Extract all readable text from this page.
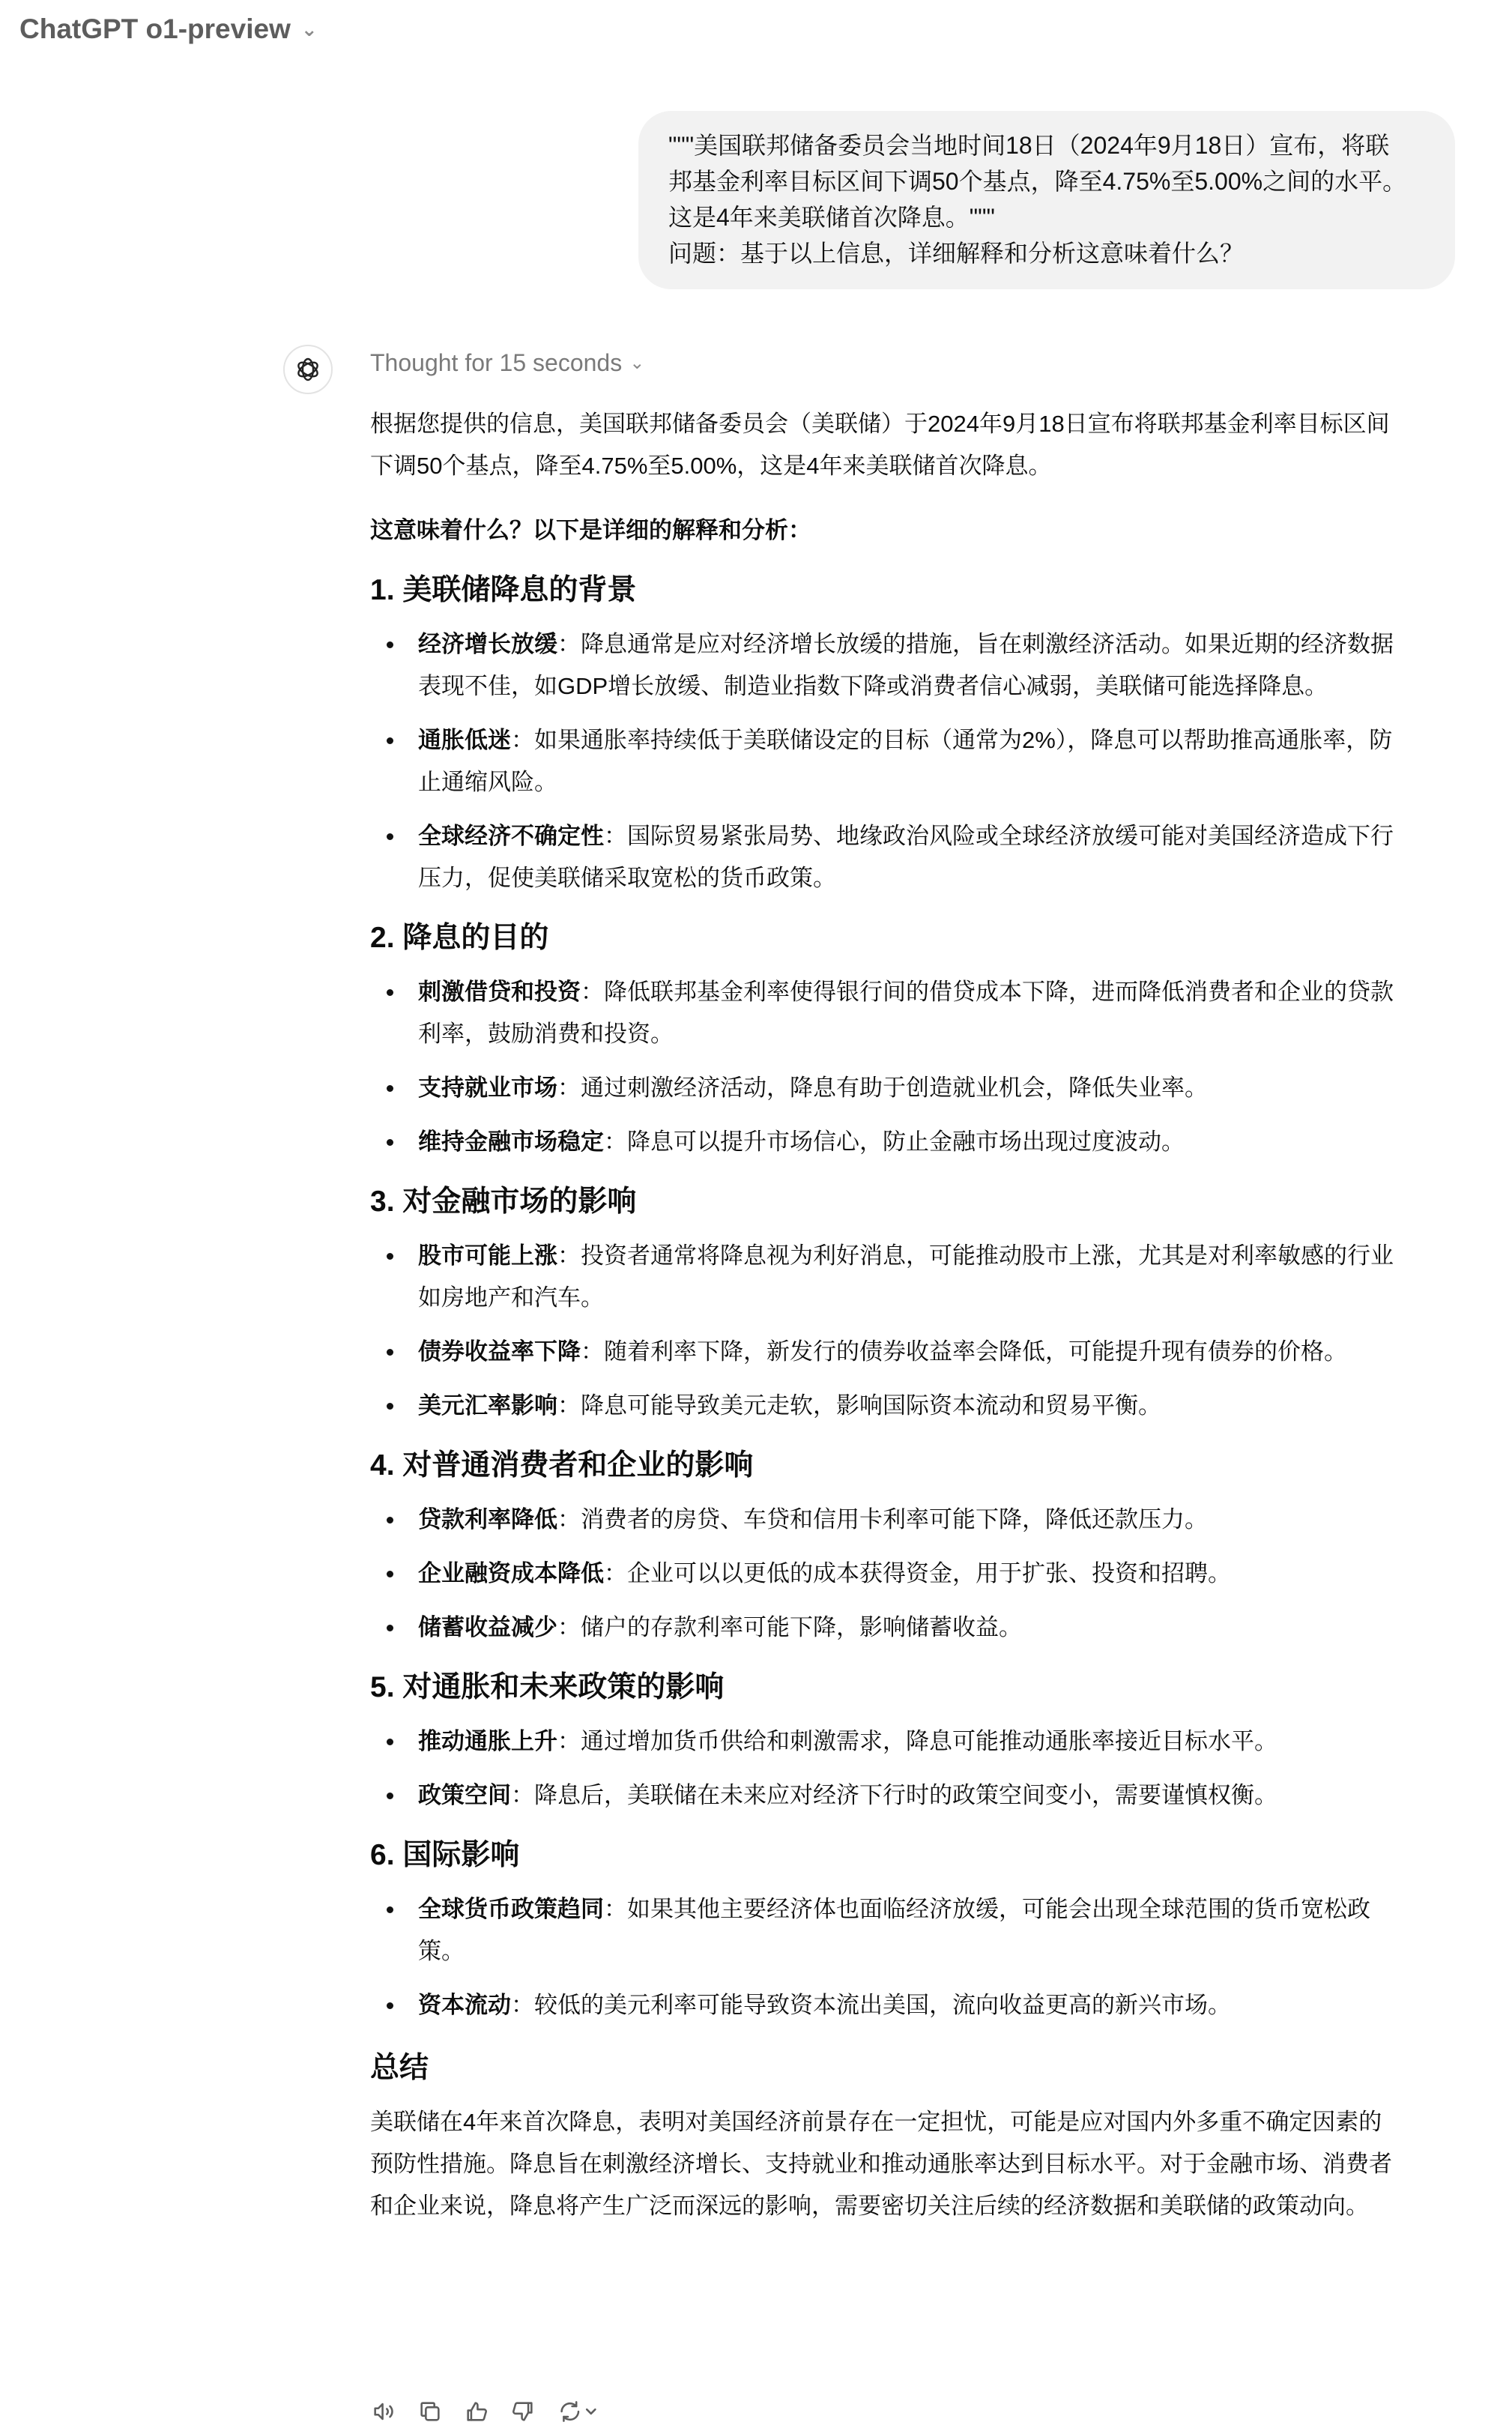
ChatGPT o1-preview ⌄
"""美国联邦储备委员会当地时间18日（2024年9月18日）宣布，将联
邦基金利率目标区间下调50个基点，降至4.75%至5.00%之间的水平。
这是4年来美联储首次降息。"""
问题：基于以上信息，详细解释和分析这意味着什么？
Thought for 15 seconds ⌄

根据您提供的信息，美国联邦储备委员会（美联储）于2024年9月18日宣布将联邦基金利率目标区间
下调50个基点，降至4.75%至5.00%，这是4年来美联储首次降息。

这意味着什么？以下是详细的解释和分析：

1. 美联储降息的背景
经济增长放缓：降息通常是应对经济增长放缓的措施，旨在刺激经济活动。如果近期的经济数据
表现不佳，如GDP增长放缓、制造业指数下降或消费者信心减弱，美联储可能选择降息。
通胀低迷：如果通胀率持续低于美联储设定的目标（通常为2%），降息可以帮助推高通胀率，防
止通缩风险。
全球经济不确定性：国际贸易紧张局势、地缘政治风险或全球经济放缓可能对美国经济造成下行
压力，促使美联储采取宽松的货币政策。
2. 降息的目的
刺激借贷和投资：降低联邦基金利率使得银行间的借贷成本下降，进而降低消费者和企业的贷款
利率，鼓励消费和投资。
支持就业市场：通过刺激经济活动，降息有助于创造就业机会，降低失业率。
维持金融市场稳定：降息可以提升市场信心，防止金融市场出现过度波动。
3. 对金融市场的影响
股市可能上涨：投资者通常将降息视为利好消息，可能推动股市上涨，尤其是对利率敏感的行业
如房地产和汽车。
债券收益率下降：随着利率下降，新发行的债券收益率会降低，可能提升现有债券的价格。
美元汇率影响：降息可能导致美元走软，影响国际资本流动和贸易平衡。
4. 对普通消费者和企业的影响
贷款利率降低：消费者的房贷、车贷和信用卡利率可能下降，降低还款压力。
企业融资成本降低：企业可以以更低的成本获得资金，用于扩张、投资和招聘。
储蓄收益减少：储户的存款利率可能下降，影响储蓄收益。
5. 对通胀和未来政策的影响
推动通胀上升：通过增加货币供给和刺激需求，降息可能推动通胀率接近目标水平。
政策空间：降息后，美联储在未来应对经济下行时的政策空间变小，需要谨慎权衡。
6. 国际影响
全球货币政策趋同：如果其他主要经济体也面临经济放缓，可能会出现全球范围的货币宽松政
策。
资本流动：较低的美元利率可能导致资本流出美国，流向收益更高的新兴市场。
总结

美联储在4年来首次降息，表明对美国经济前景存在一定担忧，可能是应对国内外多重不确定因素的
预防性措施。降息旨在刺激经济增长、支持就业和推动通胀率达到目标水平。对于金融市场、消费者
和企业来说，降息将产生广泛而深远的影响，需要密切关注后续的经济数据和美联储的政策动向。
